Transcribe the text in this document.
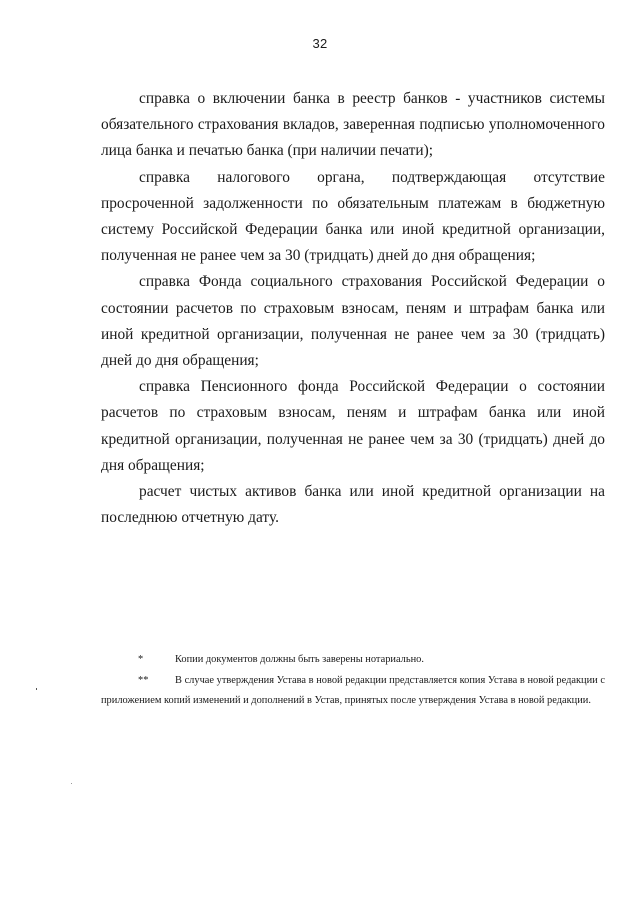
32

справка о включении банка в реестр банков - участников системы обязательного страхования вкладов, заверенная подписью уполномоченного лица банка и печатью банка (при наличии печати);

справка налогового органа, подтверждающая отсутствие просроченной задолженности по обязательным платежам в бюджетную систему Российской Федерации банка или иной кредитной организации, полученная не ранее чем за 30 (тридцать) дней до дня обращения;

справка Фонда социального страхования Российской Федерации о состоянии расчетов по страховым взносам, пеням и штрафам банка или иной кредитной организации, полученная не ранее чем за 30 (тридцать) дней до дня обращения;

справка Пенсионного фонда Российской Федерации о состоянии расчетов по страховым взносам, пеням и штрафам банка или иной кредитной организации, полученная не ранее чем за 30 (тридцать) дней до дня обращения;

расчет чистых активов банка или иной кредитной организации на последнюю отчетную дату.

*	Копии документов должны быть заверены нотариально.

**	В случае утверждения Устава в новой редакции представляется копия Устава в новой редакции с приложением копий изменений и дополнений в Устав, принятых после утверждения Устава в новой редакции.
